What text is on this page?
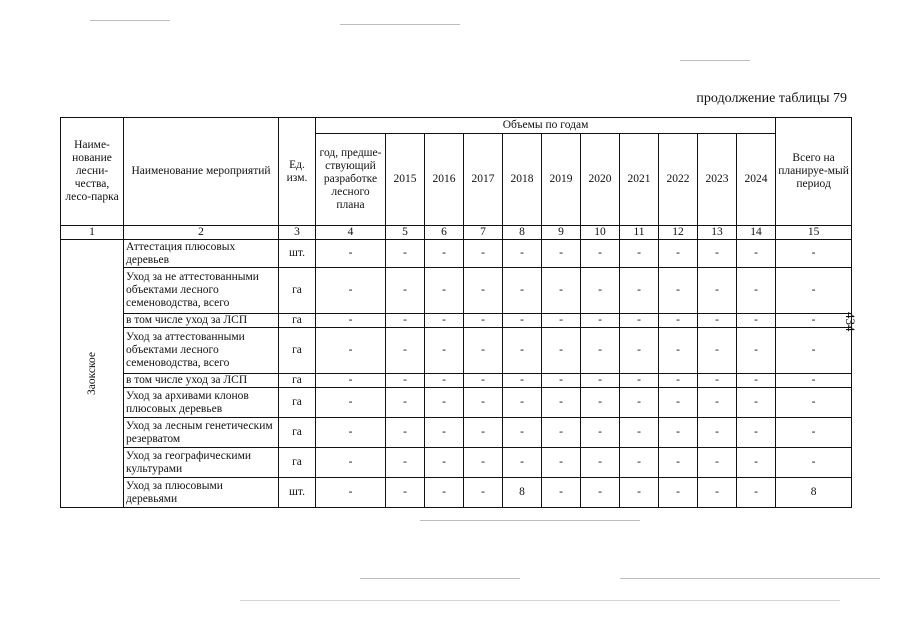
продолжение таблицы 79
434
Наиме-нование лесни-чества, лесо-парка	Наименование мероприятий	Ед. изм.	Объемы по годам											Всего на планируе-мый период
			год, предше-ствующий разработке лесного плана	2015	2016	2017	2018	2019	2020	2021	2022	2023	2024	
1	2	3	4	5	6	7	8	9	10	11	12	13	14	15

Заокское	Аттестация плюсовых деревьев	шт.	-	-	-	-	-	-	-	-	-	-	-	-
	Уход за не аттестованными объектами лесного семеноводства, всего	га	-	-	-	-	-	-	-	-	-	-	-	-
	в том числе уход за ЛСП	га	-	-	-	-	-	-	-	-	-	-	-	-
	Уход за аттестованными объектами лесного семеноводства, всего	га	-	-	-	-	-	-	-	-	-	-	-	-
	в том числе уход за ЛСП	га	-	-	-	-	-	-	-	-	-	-	-	-
	Уход за архивами клонов плюсовых деревьев	га	-	-	-	-	-	-	-	-	-	-	-	-
	Уход за лесным генетическим резерватом	га	-	-	-	-	-	-	-	-	-	-	-	-
	Уход за географическими культурами	га	-	-	-	-	-	-	-	-	-	-	-	-
	Уход за плюсовыми деревьями	шт.	-	-	-	-	8	-	-	-	-	-	-	8
